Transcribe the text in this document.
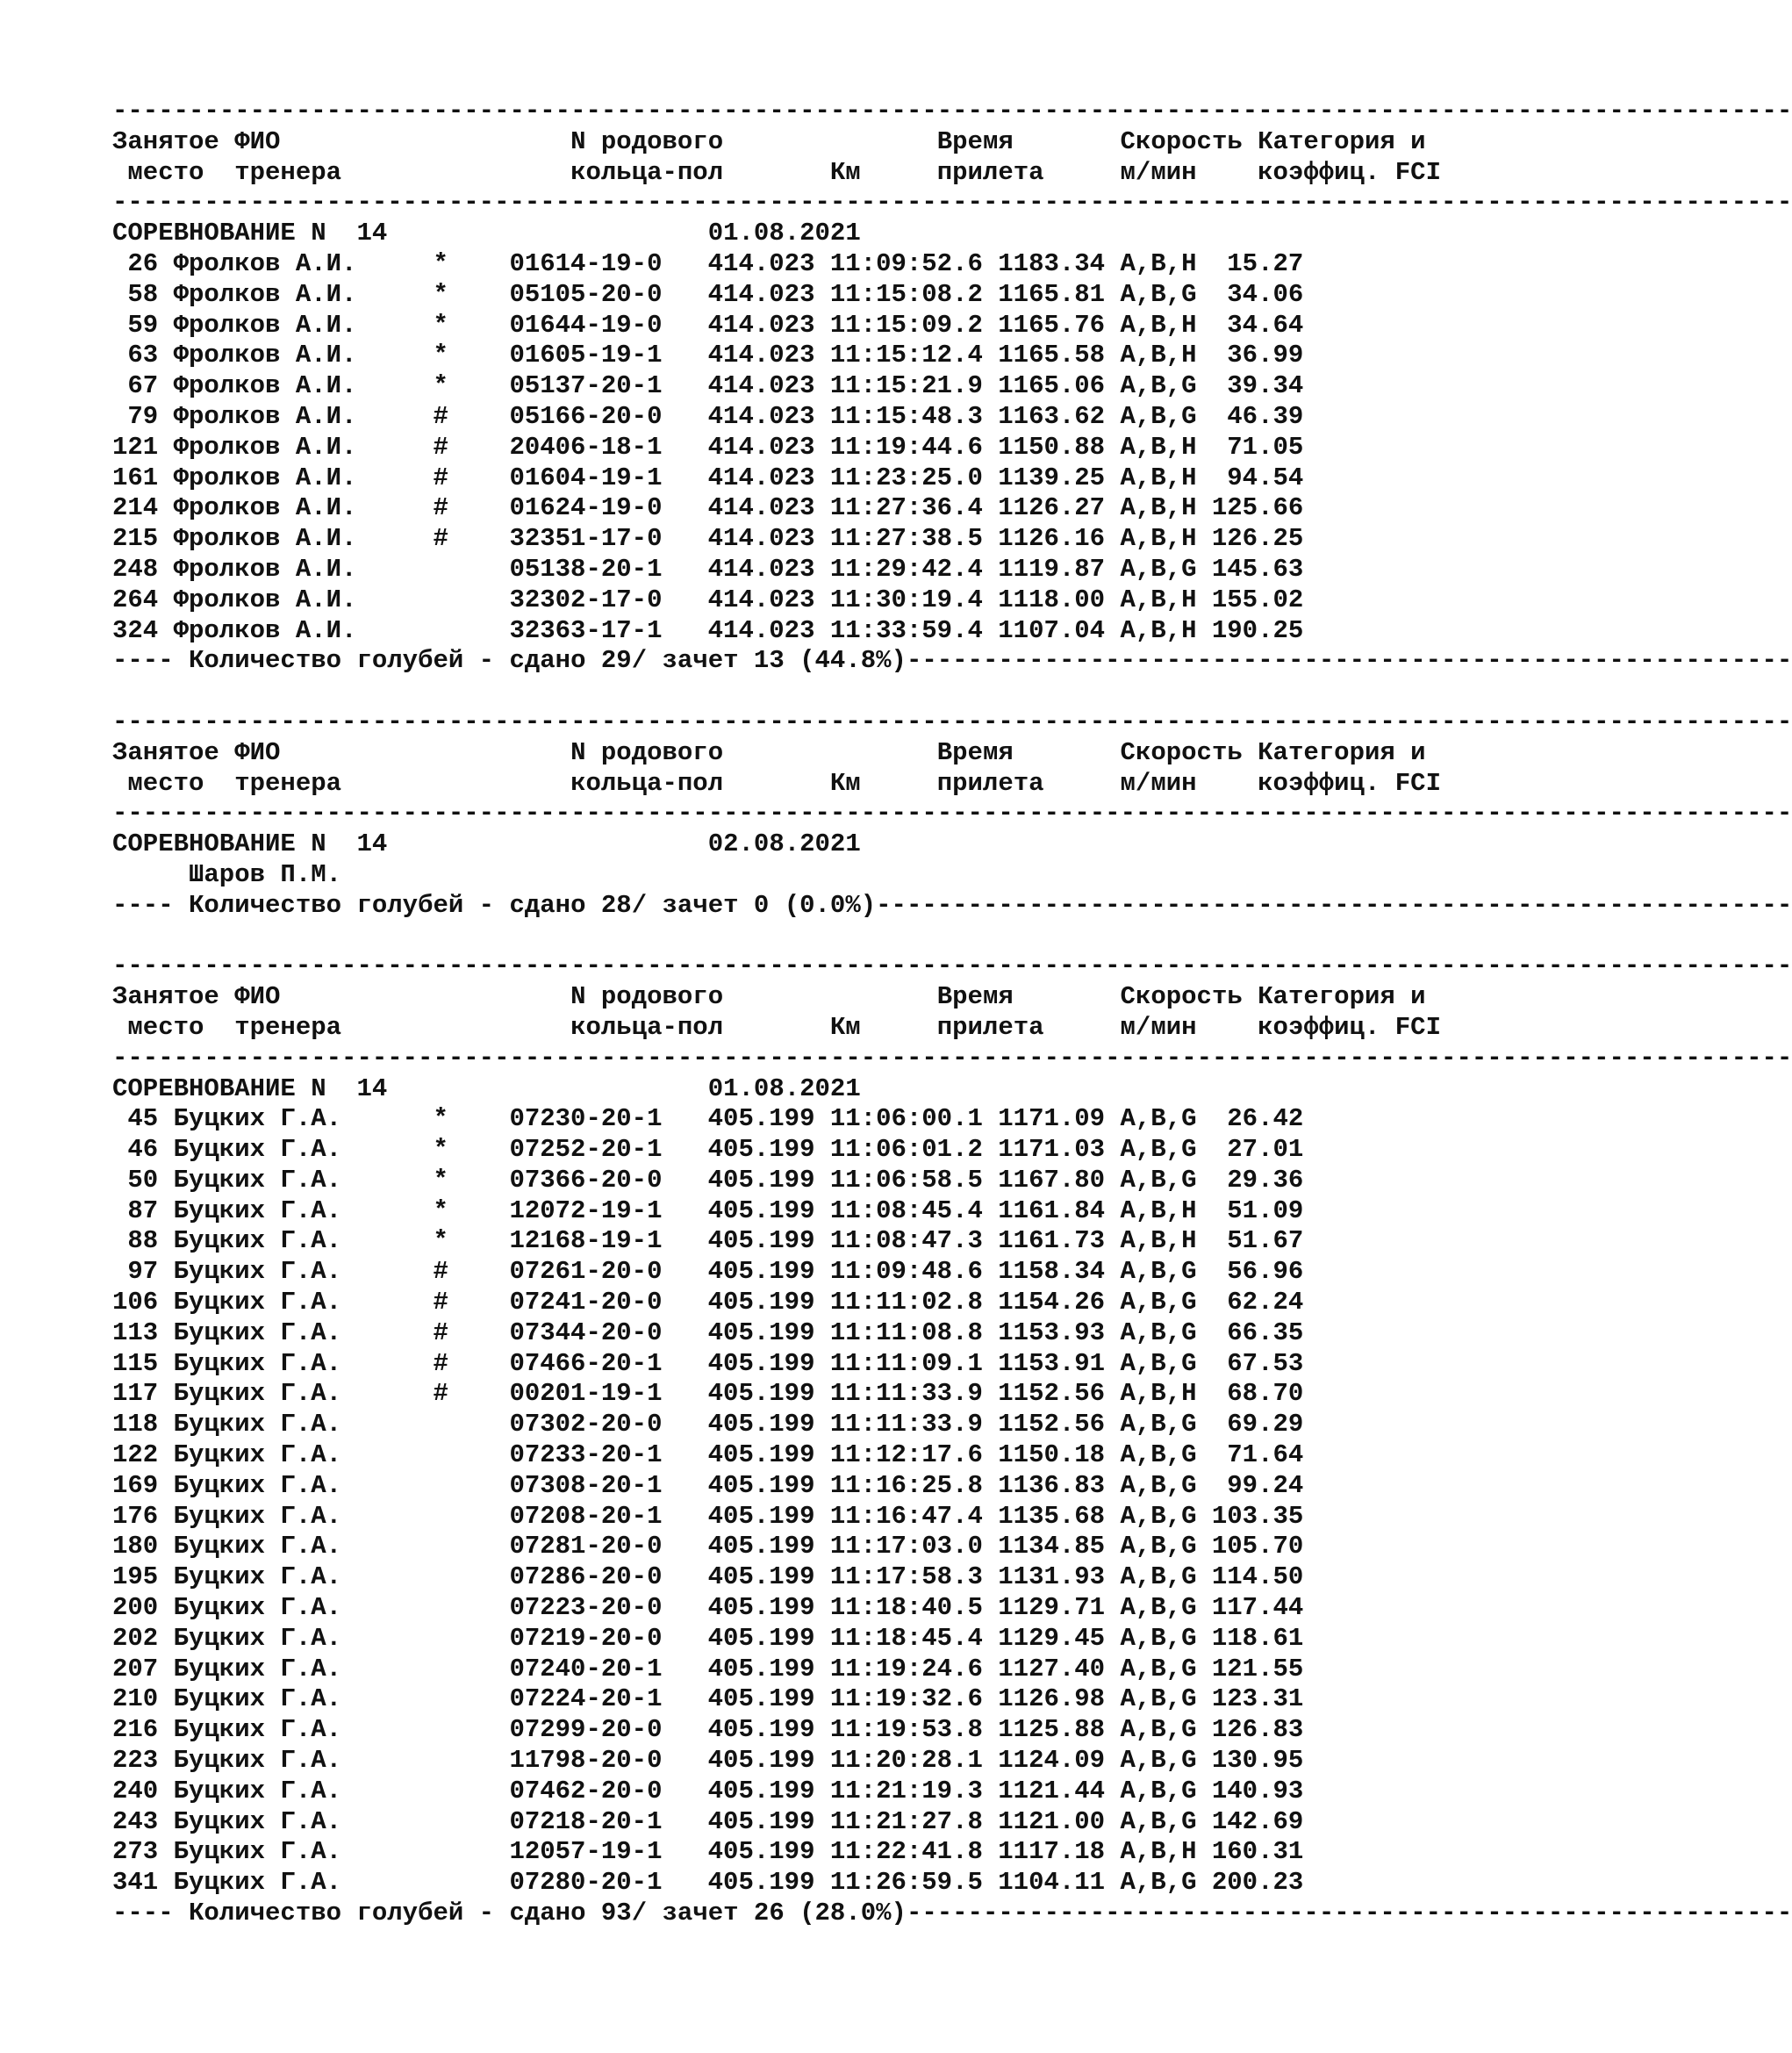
--------------------------------------------------------------------------------------------------------------
Занятое ФИО	N родового	Время	Скорость Категория и
место тренера	кольца-пол	Км	прилета	м/мин коэффиц. FCI
--------------------------------------------------------------------------------------------------------------
СОРЕВНОВАНИЕ N  14	01.08.2021
26 Фролков А.И.	* 01614-19-0 414.023 11:09:52.6 1183.34 A,B,H 15.27
58 Фролков А.И.	* 05105-20-0 414.023 11:15:08.2 1165.81 A,B,G 34.06
59 Фролков А.И.	* 01644-19-0 414.023 11:15:09.2 1165.76 A,B,H 34.64
63 Фролков А.И.	* 01605-19-1 414.023 11:15:12.4 1165.58 A,B,H 36.99
67 Фролков А.И.	* 05137-20-1 414.023 11:15:21.9 1165.06 A,B,G 39.34
79 Фролков А.И.	# 05166-20-0 414.023 11:15:48.3 1163.62 A,B,G 46.39
121 Фролков А.И.	# 20406-18-1 414.023 11:19:44.6 1150.88 A,B,H 71.05
161 Фролков А.И.	# 01604-19-1 414.023 11:23:25.0 1139.25 A,B,H 94.54
214 Фролков А.И.	# 01624-19-0 414.023 11:27:36.4 1126.27 A,B,H 125.66
215 Фролков А.И.	# 32351-17-0 414.023 11:27:38.5 1126.16 A,B,H 126.25
248 Фролков А.И.	05138-20-1 414.023 11:29:42.4 1119.87 A,B,G 145.63
264 Фролков А.И.	32302-17-0 414.023 11:30:19.4 1118.00 A,B,H 155.02
324 Фролков А.И.	32363-17-1 414.023 11:33:59.4 1107.04 A,B,H 190.25
---- Количество голубей - сдано 29/ зачет 13 (44.8%)----------------------------------------------------------
--------------------------------------------------------------------------------------------------------------
Занятое ФИО	N родового	Время	Скорость Категория и
место тренера	кольца-пол	Км	прилета	м/мин коэффиц. FCI
--------------------------------------------------------------------------------------------------------------
СОРЕВНОВАНИЕ N  14	02.08.2021
Шаров П.М.
---- Количество голубей - сдано 28/ зачет 0 (0.0%)------------------------------------------------------------
--------------------------------------------------------------------------------------------------------------
Занятое ФИО	N родового	Время	Скорость Категория и
место тренера	кольца-пол	Км	прилета	м/мин коэффиц. FCI
--------------------------------------------------------------------------------------------------------------
СОРЕВНОВАНИЕ N  14	01.08.2021
45 Буцких Г.А.	* 07230-20-1 405.199 11:06:00.1 1171.09 A,B,G 26.42
46 Буцких Г.А.	* 07252-20-1 405.199 11:06:01.2 1171.03 A,B,G 27.01
50 Буцких Г.А.	* 07366-20-0 405.199 11:06:58.5 1167.80 A,B,G 29.36
87 Буцких Г.А.	* 12072-19-1 405.199 11:08:45.4 1161.84 A,B,H 51.09
88 Буцких Г.А.	* 12168-19-1 405.199 11:08:47.3 1161.73 A,B,H 51.67
97 Буцких Г.А.	# 07261-20-0 405.199 11:09:48.6 1158.34 A,B,G 56.96
106 Буцких Г.А.	# 07241-20-0 405.199 11:11:02.8 1154.26 A,B,G 62.24
113 Буцких Г.А.	# 07344-20-0 405.199 11:11:08.8 1153.93 A,B,G 66.35
115 Буцких Г.А.	# 07466-20-1 405.199 11:11:09.1 1153.91 A,B,G 67.53
117 Буцких Г.А.	# 00201-19-1 405.199 11:11:33.9 1152.56 A,B,H 68.70
118 Буцких Г.А.	07302-20-0 405.199 11:11:33.9 1152.56 A,B,G 69.29
122 Буцких Г.А.	07233-20-1 405.199 11:12:17.6 1150.18 A,B,G 71.64
169 Буцких Г.А.	07308-20-1 405.199 11:16:25.8 1136.83 A,B,G 99.24
176 Буцких Г.А.	07208-20-1 405.199 11:16:47.4 1135.68 A,B,G 103.35
180 Буцких Г.А.	07281-20-0 405.199 11:17:03.0 1134.85 A,B,G 105.70
195 Буцких Г.А.	07286-20-0 405.199 11:17:58.3 1131.93 A,B,G 114.50
200 Буцких Г.А.	07223-20-0 405.199 11:18:40.5 1129.71 A,B,G 117.44
202 Буцких Г.А.	07219-20-0 405.199 11:18:45.4 1129.45 A,B,G 118.61
207 Буцких Г.А.	07240-20-1 405.199 11:19:24.6 1127.40 A,B,G 121.55
210 Буцких Г.А.	07224-20-1 405.199 11:19:32.6 1126.98 A,B,G 123.31
216 Буцких Г.А.	07299-20-0 405.199 11:19:53.8 1125.88 A,B,G 126.83
223 Буцких Г.А.	11798-20-0 405.199 11:20:28.1 1124.09 A,B,G 130.95
240 Буцких Г.А.	07462-20-0 405.199 11:21:19.3 1121.44 A,B,G 140.93
243 Буцких Г.А.	07218-20-1 405.199 11:21:27.8 1121.00 A,B,G 142.69
273 Буцких Г.А.	12057-19-1 405.199 11:22:41.8 1117.18 A,B,H 160.31
341 Буцких Г.А.	07280-20-1 405.199 11:26:59.5 1104.11 A,B,G 200.23
---- Количество голубей - сдано 93/ зачет 26 (28.0%)----------------------------------------------------------
